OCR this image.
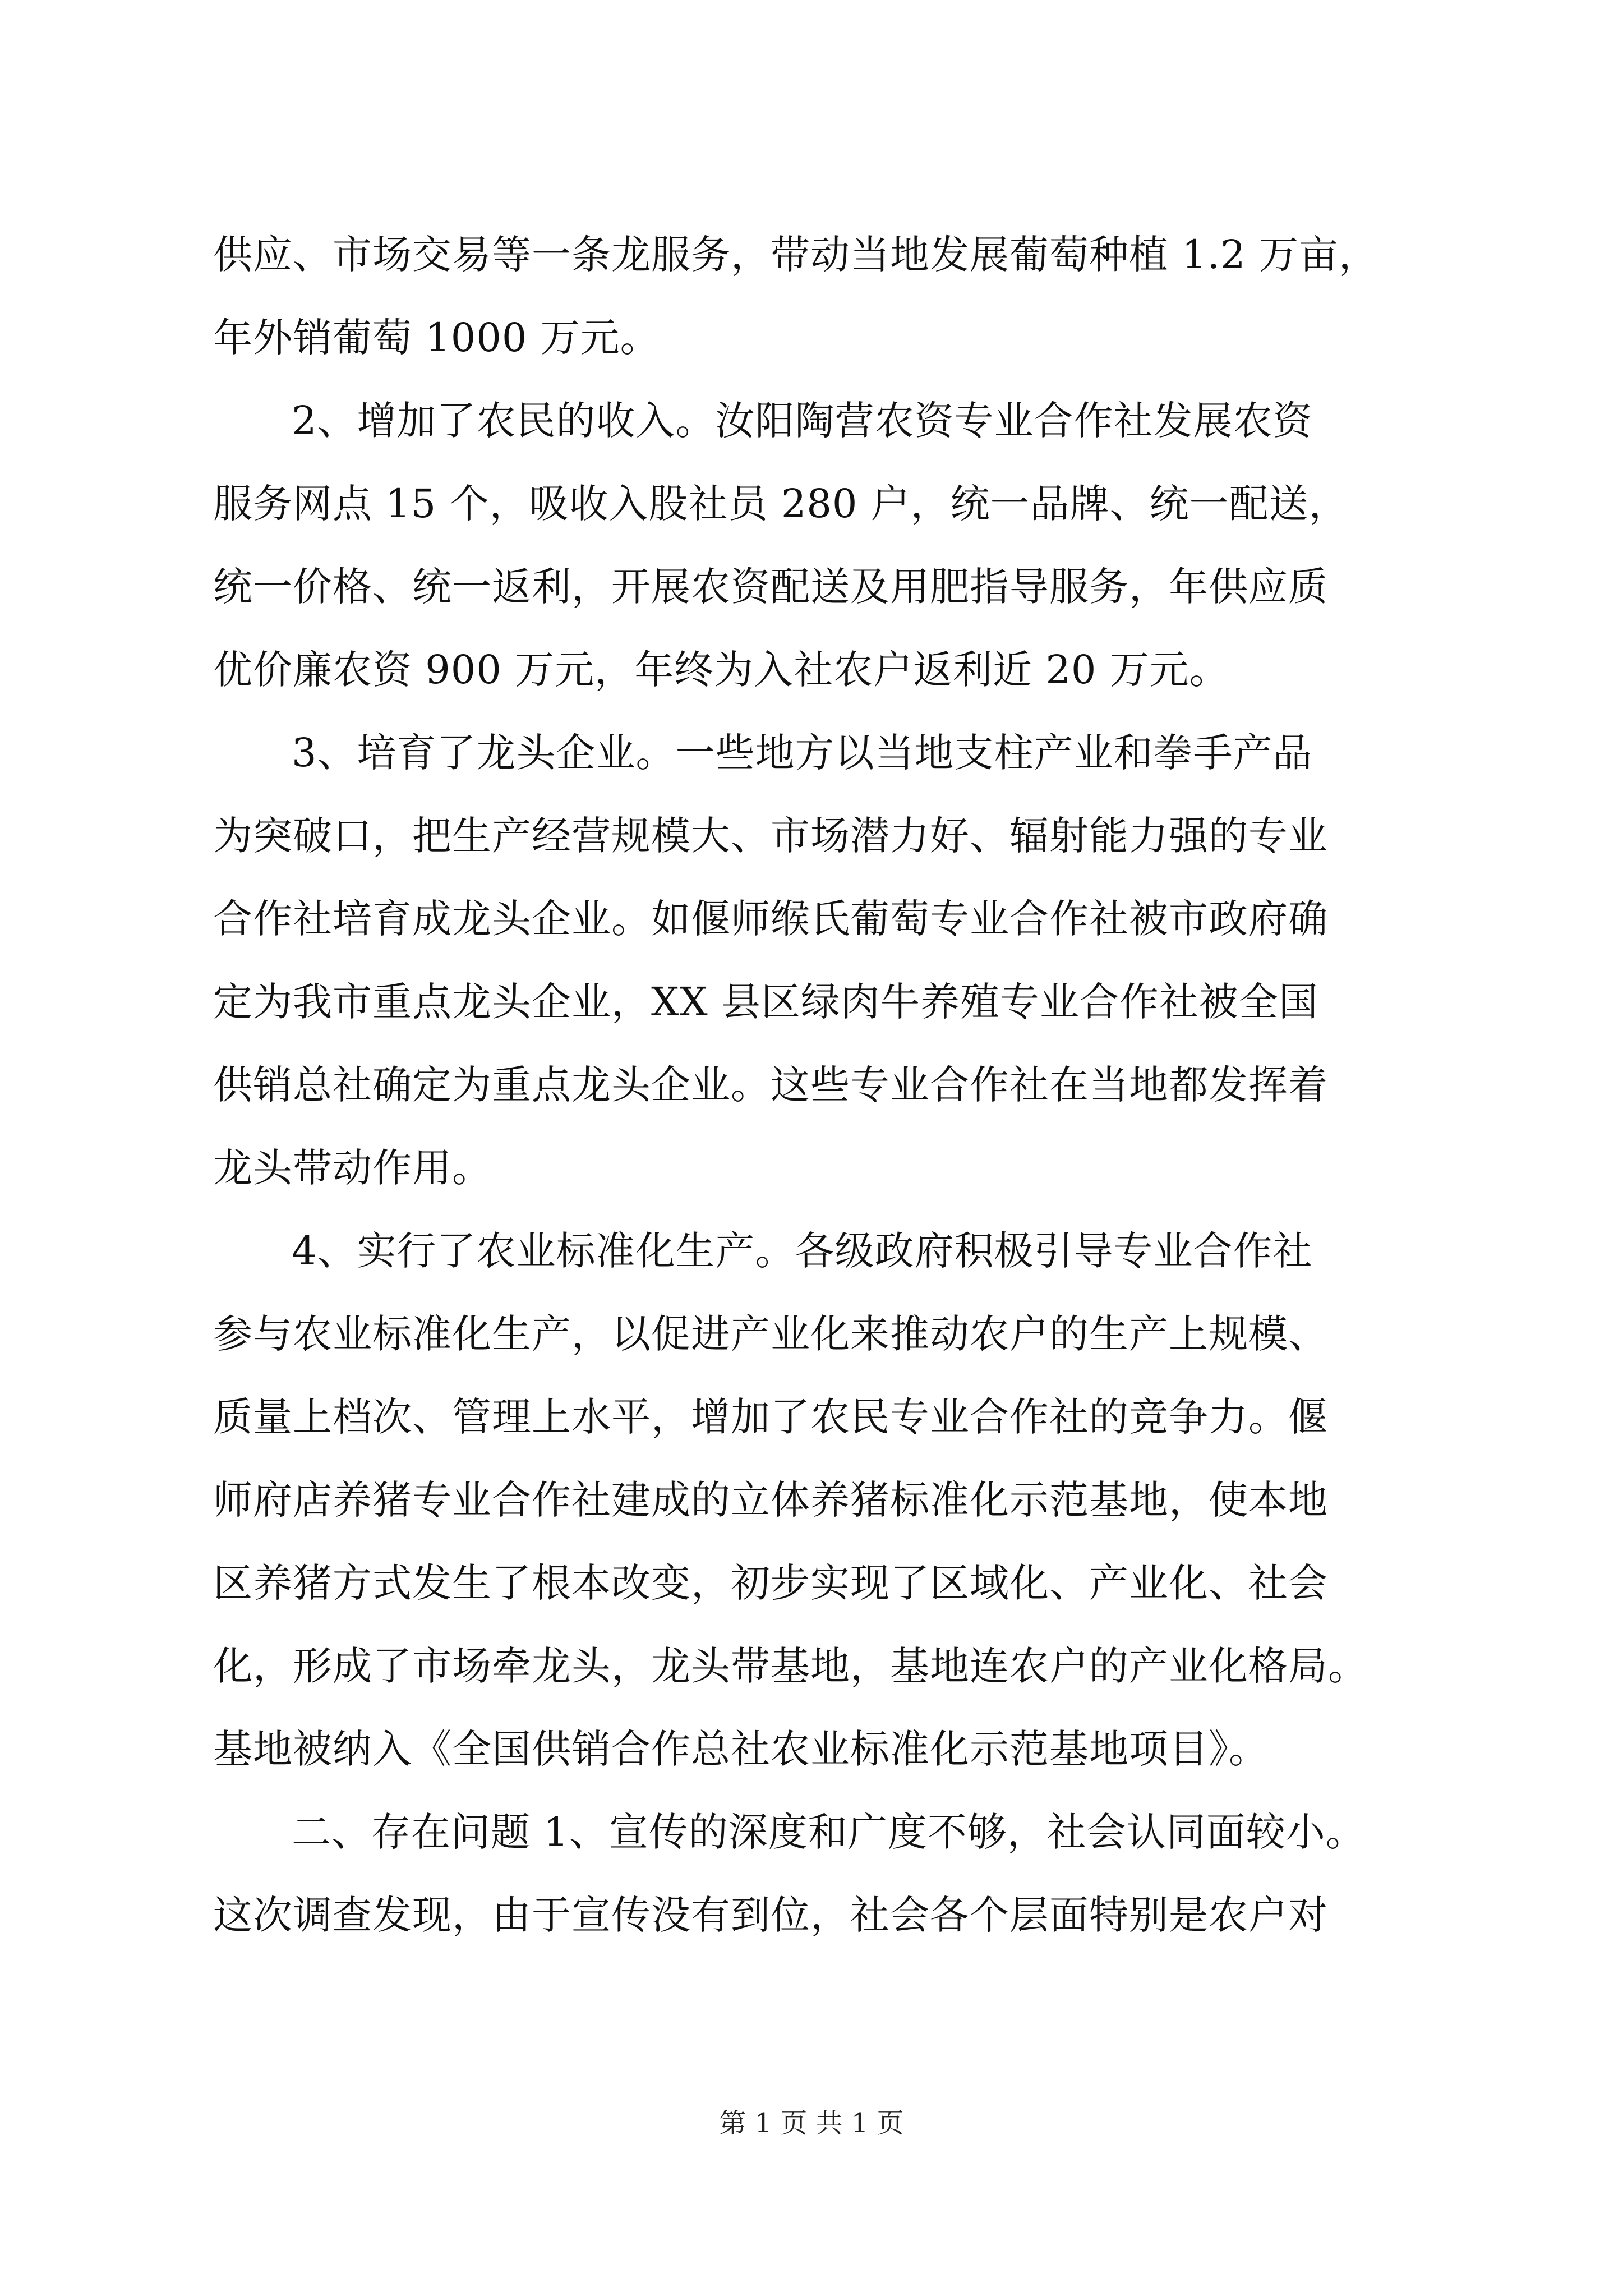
供应、市场交易等一条龙服务，带动当地发展葡萄种植 1.2 万亩，
年外销葡萄 1000 万元。
2、增加了农民的收入。汝阳陶营农资专业合作社发展农资
服务网点 15 个，吸收入股社员 280 户，统一品牌、统一配送，
统一价格、统一返利，开展农资配送及用肥指导服务，年供应质
优价廉农资 900 万元，年终为入社农户返利近 20 万元。
3、培育了龙头企业。一些地方以当地支柱产业和拳手产品
为突破口，把生产经营规模大、市场潜力好、辐射能力强的专业
合作社培育成龙头企业。如偃师缑氏葡萄专业合作社被市政府确
定为我市重点龙头企业，XX 县区绿肉牛养殖专业合作社被全国
供销总社确定为重点龙头企业。这些专业合作社在当地都发挥着
龙头带动作用。
4、实行了农业标准化生产。各级政府积极引导专业合作社
参与农业标准化生产，以促进产业化来推动农户的生产上规模、
质量上档次、管理上水平，增加了农民专业合作社的竞争力。偃
师府店养猪专业合作社建成的立体养猪标准化示范基地，使本地
区养猪方式发生了根本改变，初步实现了区域化、产业化、社会
化，形成了市场牵龙头，龙头带基地，基地连农户的产业化格局。
基地被纳入《全国供销合作总社农业标准化示范基地项目》。
二、存在问题 1、宣传的深度和广度不够，社会认同面较小。
这次调查发现，由于宣传没有到位，社会各个层面特别是农户对
第 1 页 共 1 页
